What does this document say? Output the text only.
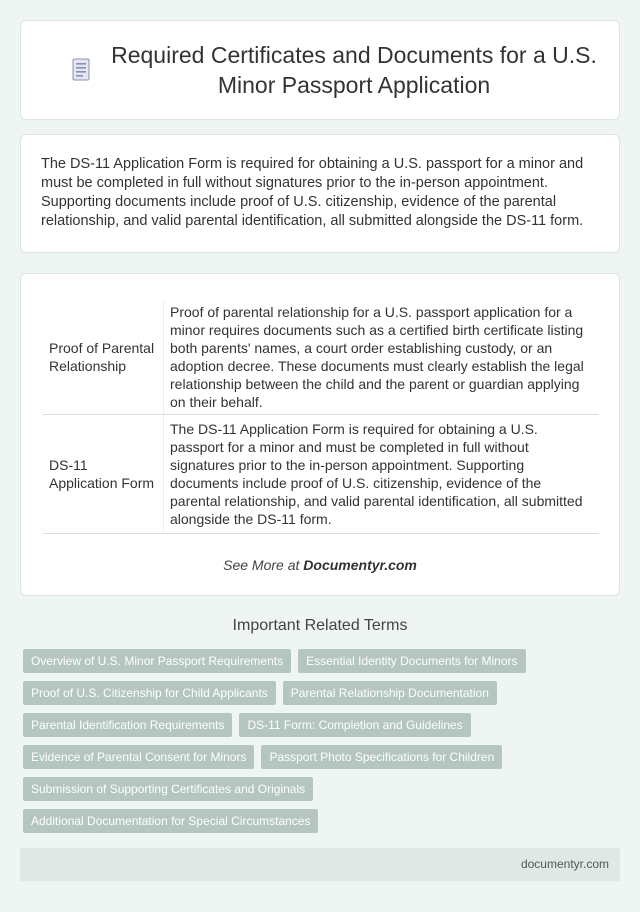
Required Certificates and Documents for a U.S. Minor Passport Application

The DS-11 Application Form is required for obtaining a U.S. passport for a minor and must be completed in full without signatures prior to the in-person appointment. Supporting documents include proof of U.S. citizenship, evidence of the parental relationship, and valid parental identification, all submitted alongside the DS-11 form.

Proof of Parental Relationship	Proof of parental relationship for a U.S. passport application for a minor requires documents such as a certified birth certificate listing both parents' names, a court order establishing custody, or an adoption decree. These documents must clearly establish the legal relationship between the child and the parent or guardian applying on their behalf.
DS-11 Application Form	The DS-11 Application Form is required for obtaining a U.S. passport for a minor and must be completed in full without signatures prior to the in-person appointment. Supporting documents include proof of U.S. citizenship, evidence of the parental relationship, and valid parental identification, all submitted alongside the DS-11 form.
See More at Documentyr.com
Important Related Terms
Overview of U.S. Minor Passport Requirements	Essential Identity Documents for Minors
Proof of U.S. Citizenship for Child Applicants	Parental Relationship Documentation
Parental Identification Requirements	DS-11 Form: Completion and Guidelines
Evidence of Parental Consent for Minors	Passport Photo Specifications for Children
Submission of Supporting Certificates and Originals
Additional Documentation for Special Circumstances
documentyr.com
